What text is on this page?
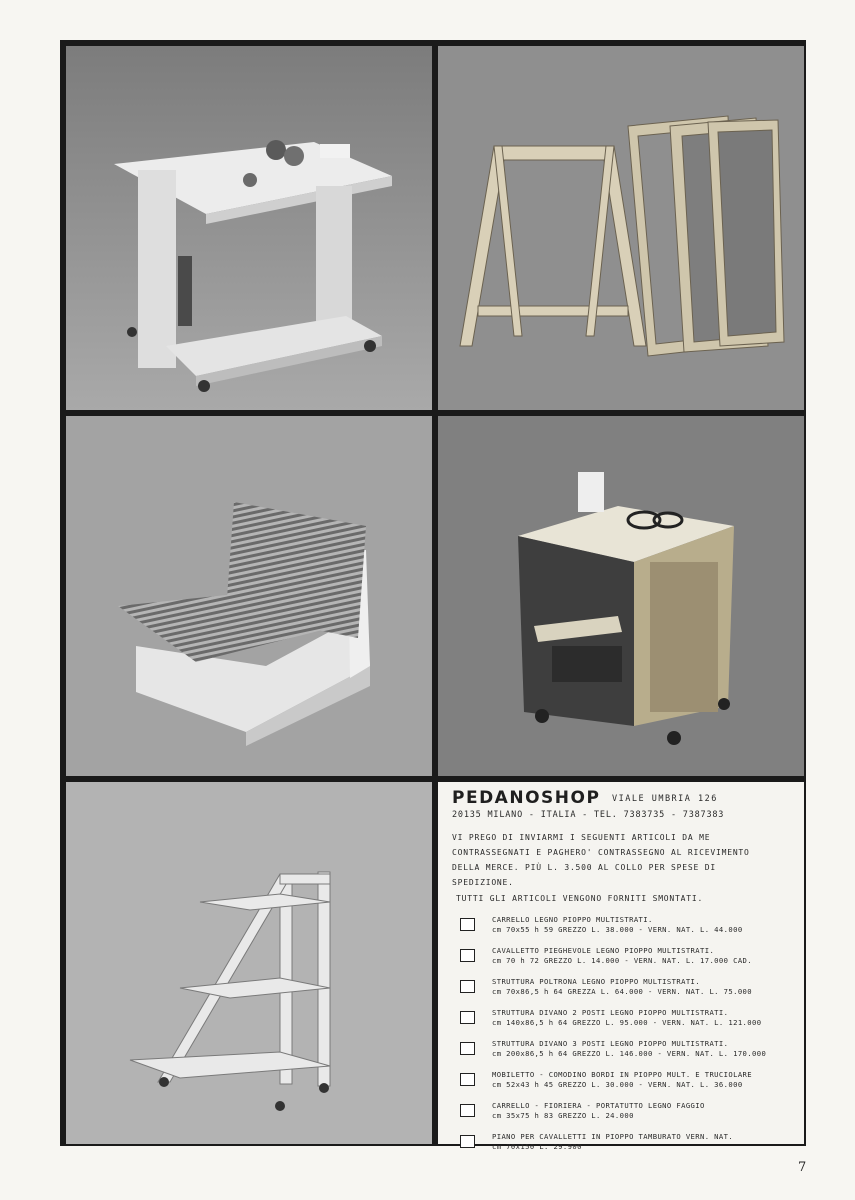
PEDANOSHOP VIALE UMBRIA 126
20135 MILANO - ITALIA - TEL. 7383735 - 7387383

VI PREGO DI INVIARMI I SEGUENTI ARTICOLI DA ME

CONTRASSEGNATI E PAGHERO' CONTRASSEGNO AL RICEVIMENTO

DELLA MERCE. PIÙ L. 3.500 AL COLLO PER SPESE DI

SPEDIZIONE.

TUTTI GLI ARTICOLI VENGONO FORNITI SMONTATI.
CARRELLO LEGNO PIOPPO MULTISTRATI.
cm 70x55 h 59 GREZZO L. 38.000 - VERN. NAT. L. 44.000
CAVALLETTO PIEGHEVOLE LEGNO PIOPPO MULTISTRATI.
cm 70 h 72 GREZZO L. 14.000 - VERN. NAT. L. 17.000 CAD.
STRUTTURA POLTRONA LEGNO PIOPPO MULTISTRATI.
cm 70x86,5 h 64 GREZZA L. 64.000 - VERN. NAT. L. 75.000
STRUTTURA DIVANO 2 POSTI LEGNO PIOPPO MULTISTRATI.
cm 140x86,5 h 64 GREZZO L. 95.000 - VERN. NAT. L. 121.000
STRUTTURA DIVANO 3 POSTI LEGNO PIOPPO MULTISTRATI.
cm 200x86,5 h 64 GREZZO L. 146.000 - VERN. NAT. L. 170.000
MOBILETTO - COMODINO BORDI IN PIOPPO MULT. E TRUCIOLARE
cm 52x43 h 45 GREZZO L. 30.000 - VERN. NAT. L. 36.000
CARRELLO - FIORIERA - PORTATUTTO LEGNO FAGGIO
cm 35x75 h 83 GREZZO L. 24.000
PIANO PER CAVALLETTI IN PIOPPO TAMBURATO VERN. NAT.
cm 70x150 L. 29.900
7
